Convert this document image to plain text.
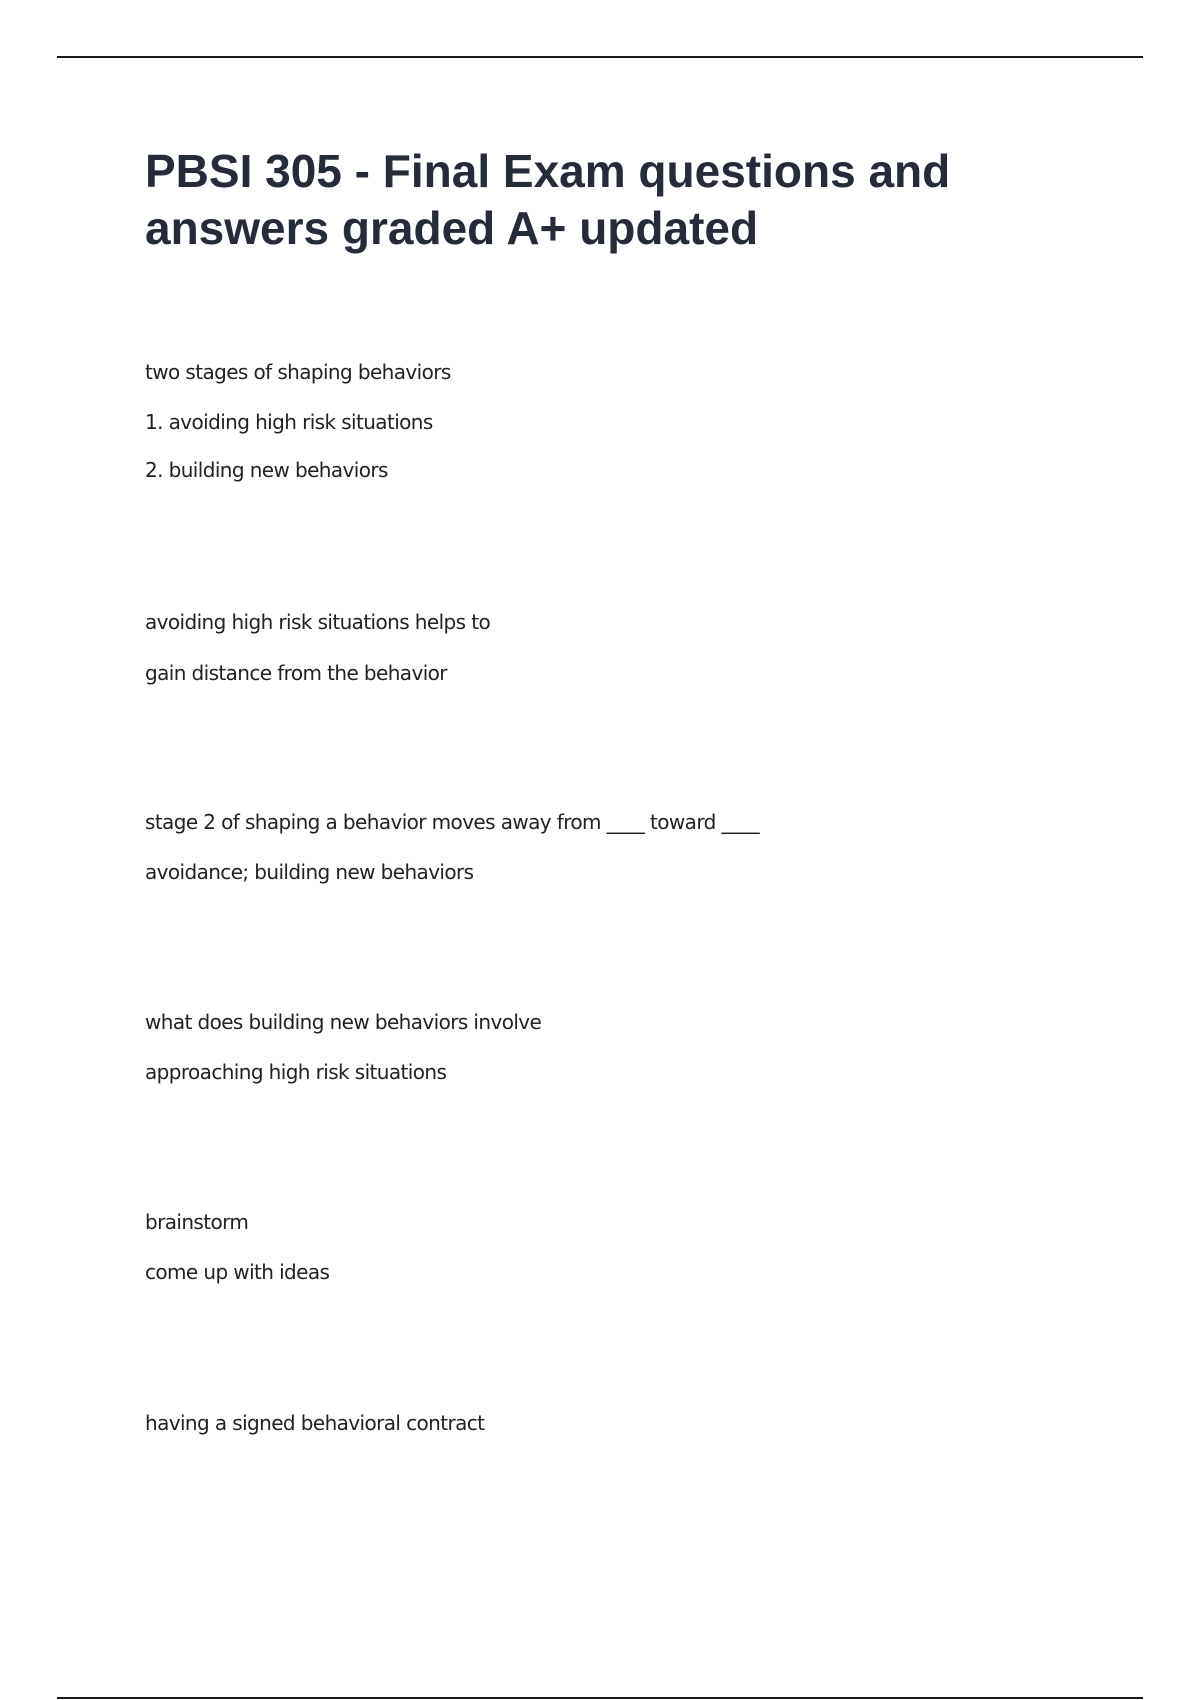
PBSI 305 - Final Exam questions and answers graded A+ updated

two stages of shaping behaviors

1. avoiding high risk situations

2. building new behaviors

avoiding high risk situations helps to

gain distance from the behavior

stage 2 of shaping a behavior moves away from ____ toward ____

avoidance; building new behaviors

what does building new behaviors involve

approaching high risk situations

brainstorm

come up with ideas

having a signed behavioral contract
